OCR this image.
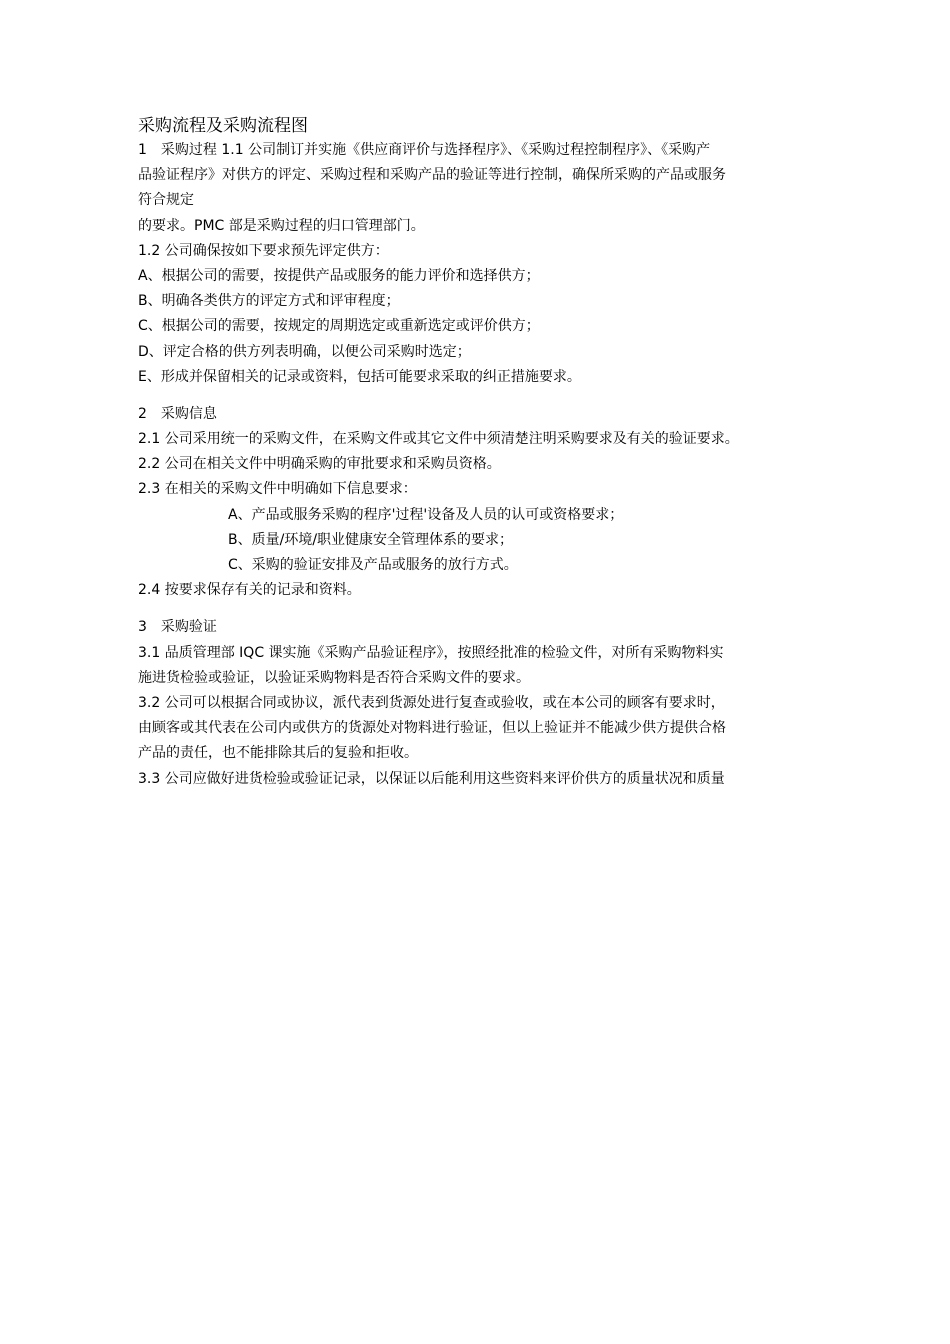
采购流程及采购流程图
1　采购过程 1.1 公司制订并实施《供应商评价与选择程序》、《采购过程控制程序》、《采购产
品验证程序》对供方的评定、采购过程和采购产品的验证等进行控制，确保所采购的产品或服务
符合规定
的要求。PMC 部是采购过程的归口管理部门。
1.2 公司确保按如下要求预先评定供方：
A、根据公司的需要，按提供产品或服务的能力评价和选择供方；
B、明确各类供方的评定方式和评审程度；
C、根据公司的需要，按规定的周期选定或重新选定或评价供方；
D、评定合格的供方列表明确，以便公司采购时选定；
E、形成并保留相关的记录或资料，包括可能要求采取的纠正措施要求。
2　采购信息
2.1 公司采用统一的采购文件，在采购文件或其它文件中须清楚注明采购要求及有关的验证要求。
2.2 公司在相关文件中明确采购的审批要求和采购员资格。
2.3 在相关的采购文件中明确如下信息要求：
A、产品或服务采购的程序'过程'设备及人员的认可或资格要求；
B、质量/环境/职业健康安全管理体系的要求；
C、采购的验证安排及产品或服务的放行方式。
2.4 按要求保存有关的记录和资料。
3　采购验证
3.1 品质管理部 IQC 课实施《采购产品验证程序》，按照经批准的检验文件，对所有采购物料实
施进货检验或验证，以验证采购物料是否符合采购文件的要求。
3.2 公司可以根据合同或协议，派代表到货源处进行复查或验收，或在本公司的顾客有要求时，
由顾客或其代表在公司内或供方的货源处对物料进行验证，但以上验证并不能减少供方提供合格
产品的责任，也不能排除其后的复验和拒收。
3.3 公司应做好进货检验或验证记录，以保证以后能利用这些资料来评价供方的质量状况和质量
